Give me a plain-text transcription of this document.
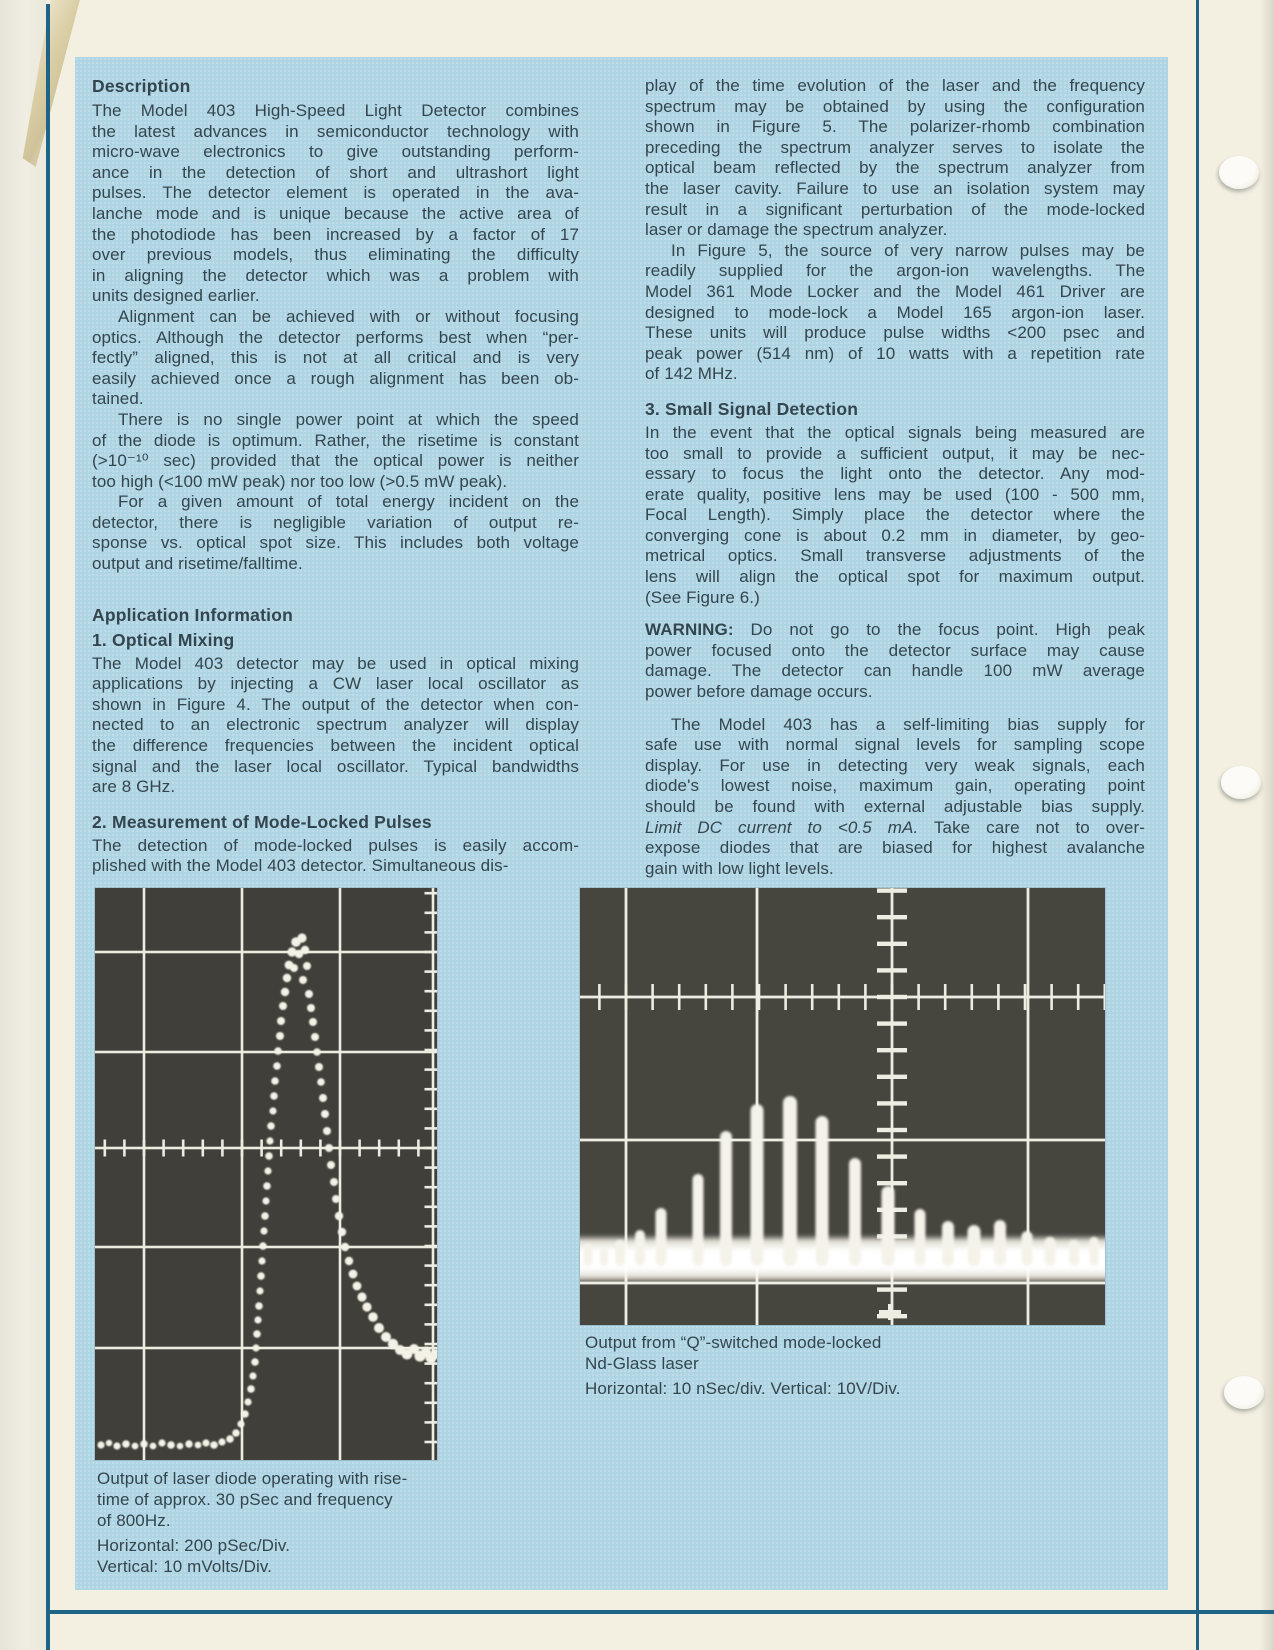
Description
The Model 403 High-Speed Light Detector combines
the latest advances in semiconductor technology with
micro-wave electronics to give outstanding perform-
ance in the detection of short and ultrashort light
pulses. The detector element is operated in the ava-
lanche mode and is unique because the active area of
the photodiode has been increased by a factor of 17
over previous models, thus eliminating the difficulty
in aligning the detector which was a problem with
units designed earlier.
Alignment can be achieved with or without focusing
optics. Although the detector performs best when “per-
fectly” aligned, this is not at all critical and is very
easily achieved once a rough alignment has been ob-
tained.
There is no single power point at which the speed
of the diode is optimum. Rather, the risetime is constant
(>10⁻¹⁰ sec) provided that the optical power is neither
too high (<100 mW peak) nor too low (>0.5 mW peak).
For a given amount of total energy incident on the
detector, there is negligible variation of output re-
sponse vs. optical spot size. This includes both voltage
output and risetime/falltime.
Application Information
1. Optical Mixing
The Model 403 detector may be used in optical mixing
applications by injecting a CW laser local oscillator as
shown in Figure 4. The output of the detector when con-
nected to an electronic spectrum analyzer will display
the difference frequencies between the incident optical
signal and the laser local oscillator. Typical bandwidths
are 8 GHz.
2. Measurement of Mode-Locked Pulses
The detection of mode-locked pulses is easily accom-
plished with the Model 403 detector. Simultaneous dis-
play of the time evolution of the laser and the frequency
spectrum may be obtained by using the configuration
shown in Figure 5. The polarizer-rhomb combination
preceding the spectrum analyzer serves to isolate the
optical beam reflected by the spectrum analyzer from
the laser cavity. Failure to use an isolation system may
result in a significant perturbation of the mode-locked
laser or damage the spectrum analyzer.
In Figure 5, the source of very narrow pulses may be
readily supplied for the argon-ion wavelengths. The
Model 361 Mode Locker and the Model 461 Driver are
designed to mode-lock a Model 165 argon-ion laser.
These units will produce pulse widths <200 psec and
peak power (514 nm) of 10 watts with a repetition rate
of 142 MHz.
3. Small Signal Detection
In the event that the optical signals being measured are
too small to provide a sufficient output, it may be nec-
essary to focus the light onto the detector. Any mod-
erate quality, positive lens may be used (100 - 500 mm,
Focal Length). Simply place the detector where the
converging cone is about 0.2 mm in diameter, by geo-
metrical optics. Small transverse adjustments of the
lens will align the optical spot for maximum output.
(See Figure 6.)
WARNING: Do not go to the focus point. High peak
power focused onto the detector surface may cause
damage. The detector can handle 100 mW average
power before damage occurs.
The Model 403 has a self-limiting bias supply for
safe use with normal signal levels for sampling scope
display. For use in detecting very weak signals, each
diode's lowest noise, maximum gain, operating point
should be found with external adjustable bias supply.
Limit DC current to <0.5 mA. Take care not to over-
expose diodes that are biased for highest avalanche
gain with low light levels.
Output of laser diode operating with rise-
time of approx. 30 pSec and frequency
of 800Hz.
Horizontal: 200 pSec/Div.
Vertical: 10 mVolts/Div.
Output from “Q”-switched mode-locked
Nd-Glass laser
Horizontal: 10 nSec/div. Vertical: 10V/Div.
